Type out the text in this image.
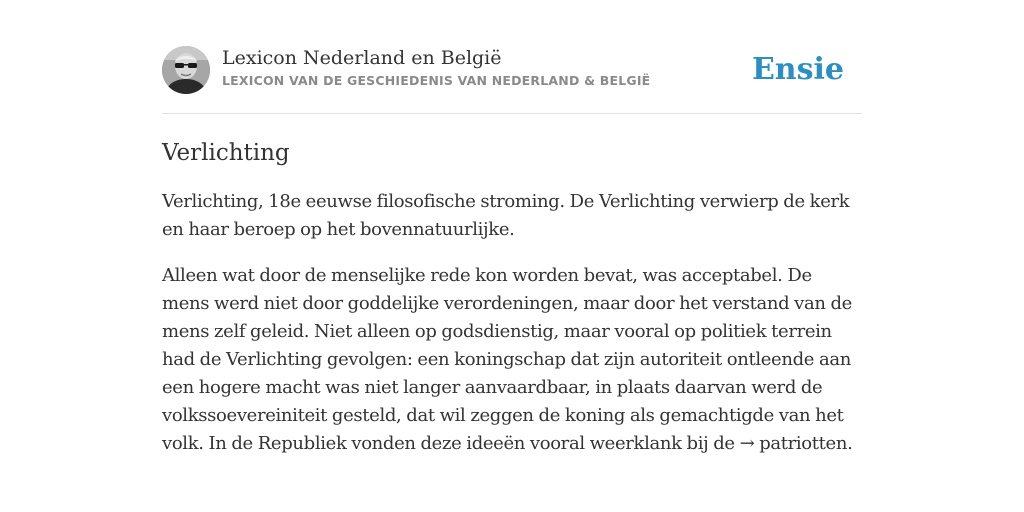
Lexicon Nederland en België
LEXICON VAN DE GESCHIEDENIS VAN NEDERLAND & BELGIË	Ensie
Verlichting

Verlichting, 18e eeuwse filosofische stroming. De Verlichting verwierp de kerk en haar beroep op het bovennatuurlijke.

Alleen wat door de menselijke rede kon worden bevat, was acceptabel. De mens werd niet door goddelijke verordeningen, maar door het verstand van de mens zelf geleid. Niet alleen op godsdienstig, maar vooral op politiek terrein had de Verlichting gevolgen: een koningschap dat zijn autoriteit ontleende aan een hogere macht was niet langer aanvaardbaar, in plaats daarvan werd de volkssoevereiniteit gesteld, dat wil zeggen de koning als gemachtigde van het volk. In de Republiek vonden deze ideeën vooral weerklank bij de → patriotten.
